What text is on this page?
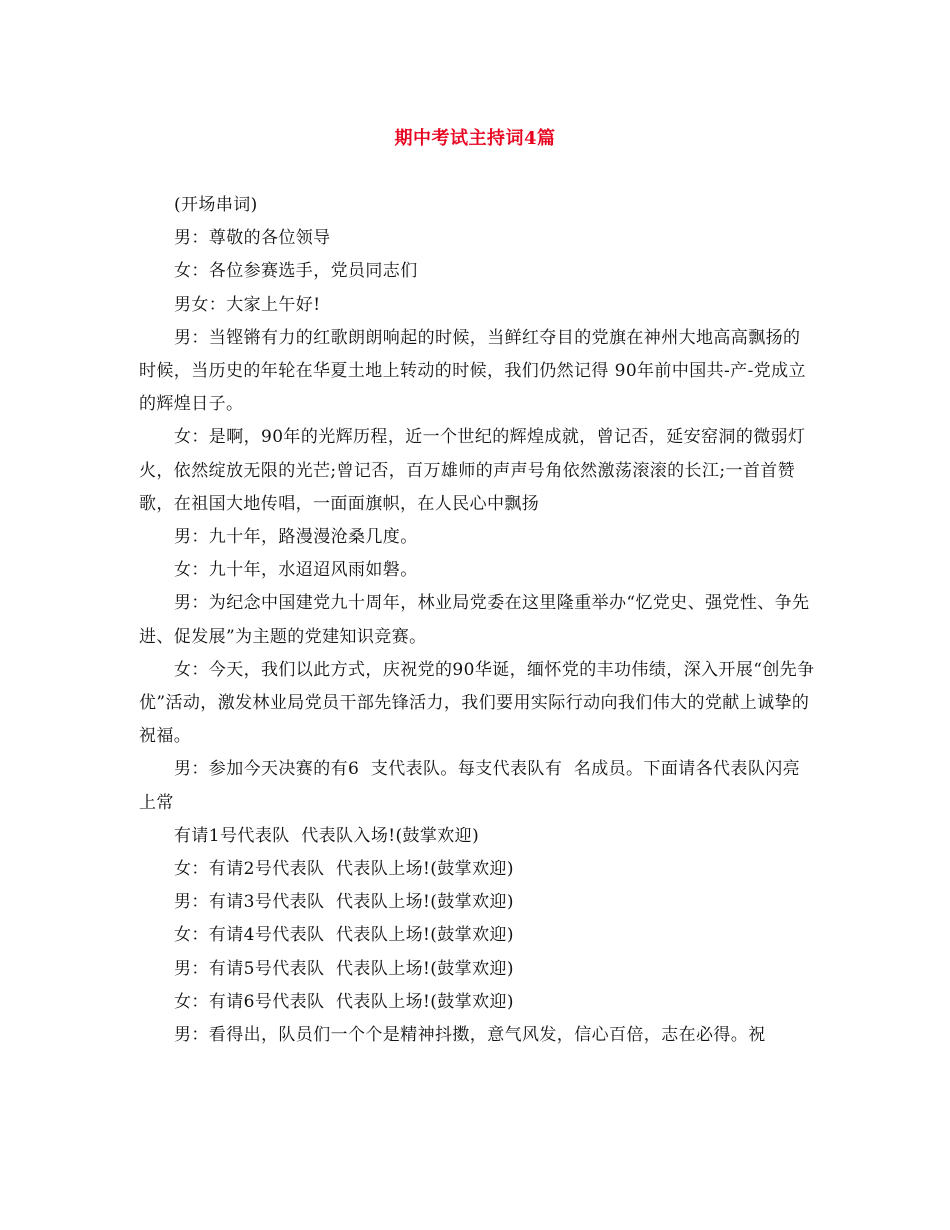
期中考试主持词4篇

(开场串词)

男：尊敬的各位领导

女：各位参赛选手，党员同志们

男女：大家上午好!

男：当铿锵有力的红歌朗朗响起的时候，当鲜红夺目的党旗在神州大地高高飘扬的时候，当历史的年轮在华夏土地上转动的时候，我们仍然记得 90年前中国共-产-党成立的辉煌日子。

女：是啊，90年的光辉历程，近一个世纪的辉煌成就，曾记否，延安窑洞的微弱灯火，依然绽放无限的光芒;曾记否，百万雄师的声声号角依然激荡滚滚的长江;一首首赞歌，在祖国大地传唱，一面面旗帜，在人民心中飘扬

男：九十年，路漫漫沧桑几度。

女：九十年，水迢迢风雨如磐。

男：为纪念中国建党九十周年，林业局党委在这里隆重举办“忆党史、强党性、争先进、促发展”为主题的党建知识竞赛。

女：今天，我们以此方式，庆祝党的90华诞，缅怀党的丰功伟绩，深入开展“创先争优”活动，激发林业局党员干部先锋活力，我们要用实际行动向我们伟大的党献上诚挚的祝福。

男：参加今天决赛的有6  支代表队。每支代表队有  名成员。下面请各代表队闪亮上常

有请1号代表队  代表队入场!(鼓掌欢迎)

女：有请2号代表队  代表队上场!(鼓掌欢迎)

男：有请3号代表队  代表队上场!(鼓掌欢迎)

女：有请4号代表队  代表队上场!(鼓掌欢迎)

男：有请5号代表队  代表队上场!(鼓掌欢迎)

女：有请6号代表队  代表队上场!(鼓掌欢迎)

男：看得出，队员们一个个是精神抖擞，意气风发，信心百倍，志在必得。祝
